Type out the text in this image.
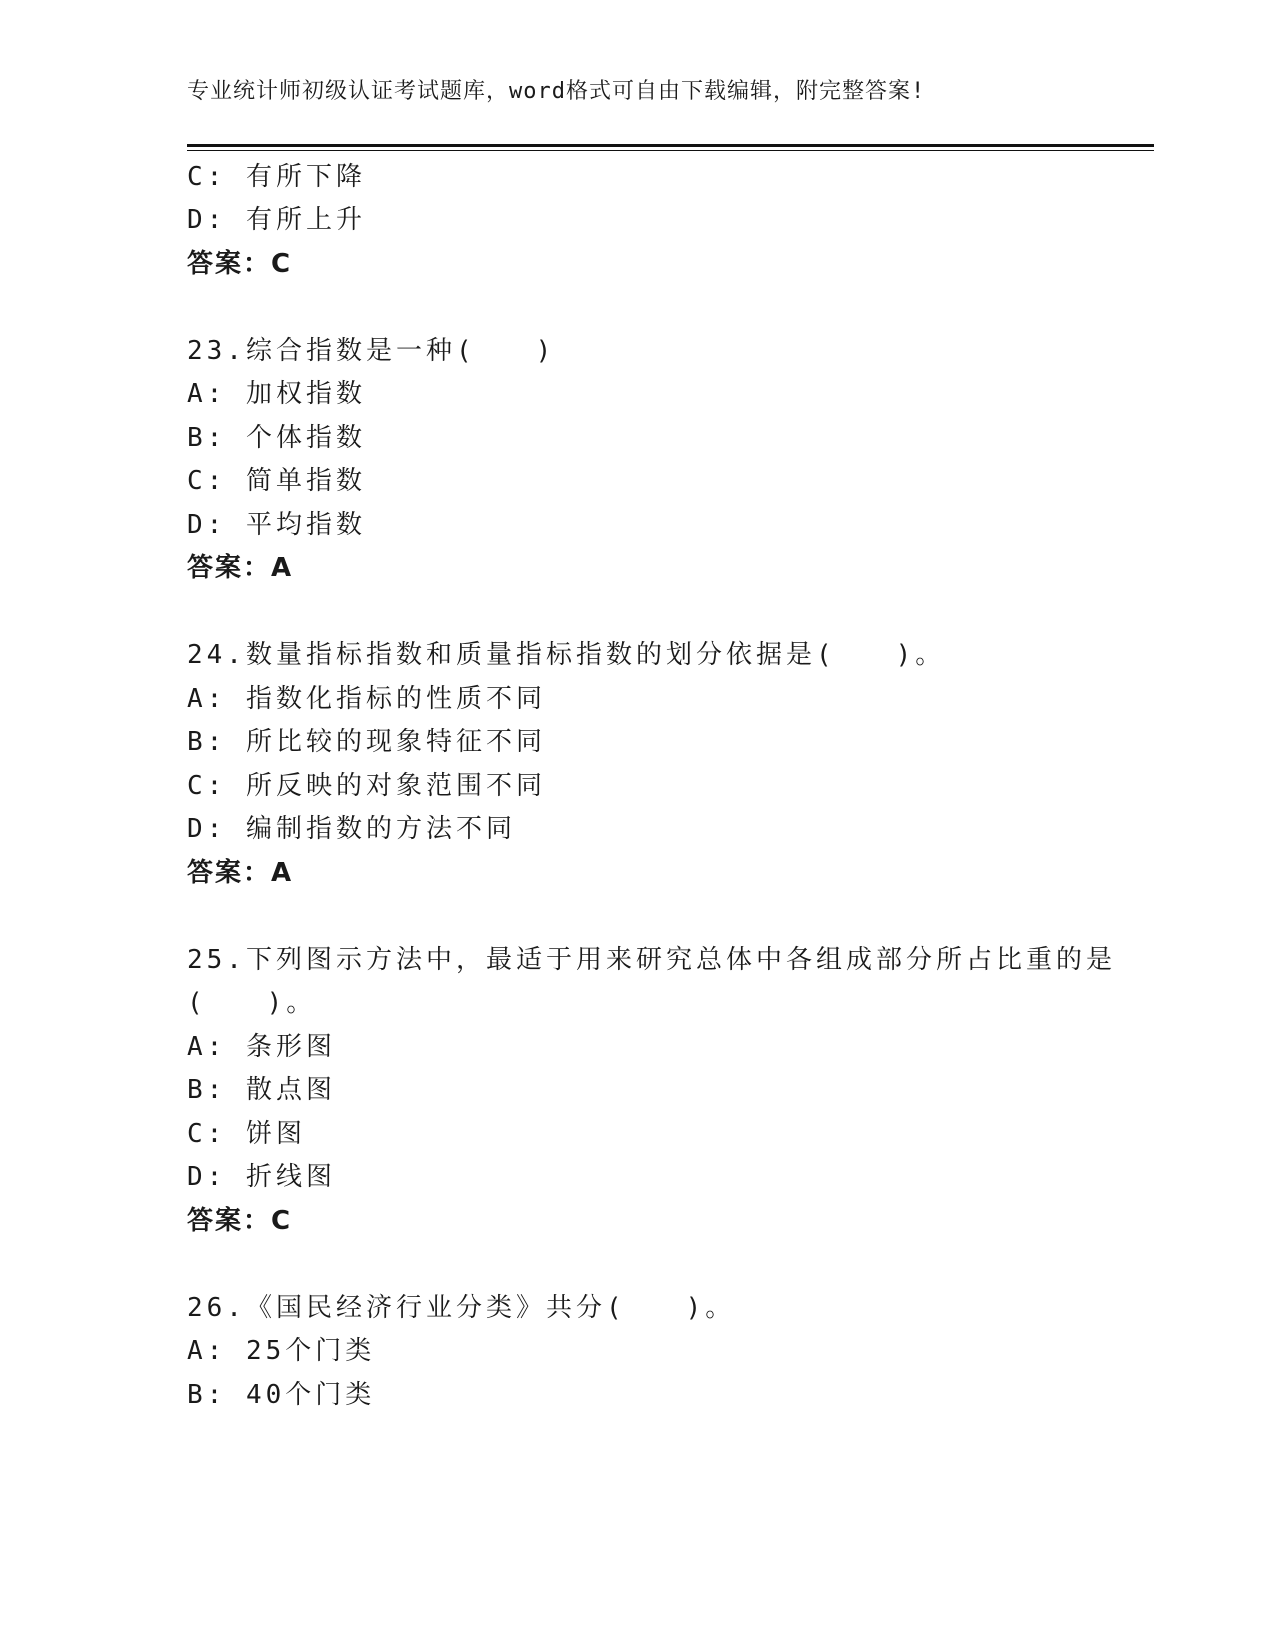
专业统计师初级认证考试题库，word格式可自由下载编辑，附完整答案!
C: 有所下降
D: 有所上升
答案：C
23.综合指数是一种(　　)
A: 加权指数
B: 个体指数
C: 简单指数
D: 平均指数
答案：A
24.数量指标指数和质量指标指数的划分依据是(　　)。
A: 指数化指标的性质不同
B: 所比较的现象特征不同
C: 所反映的对象范围不同
D: 编制指数的方法不同
答案：A
25.下列图示方法中，最适于用来研究总体中各组成部分所占比重的是
(　　)。
A: 条形图
B: 散点图
C: 饼图
D: 折线图
答案：C
26.《国民经济行业分类》共分(　　)。
A: 25个门类
B: 40个门类
